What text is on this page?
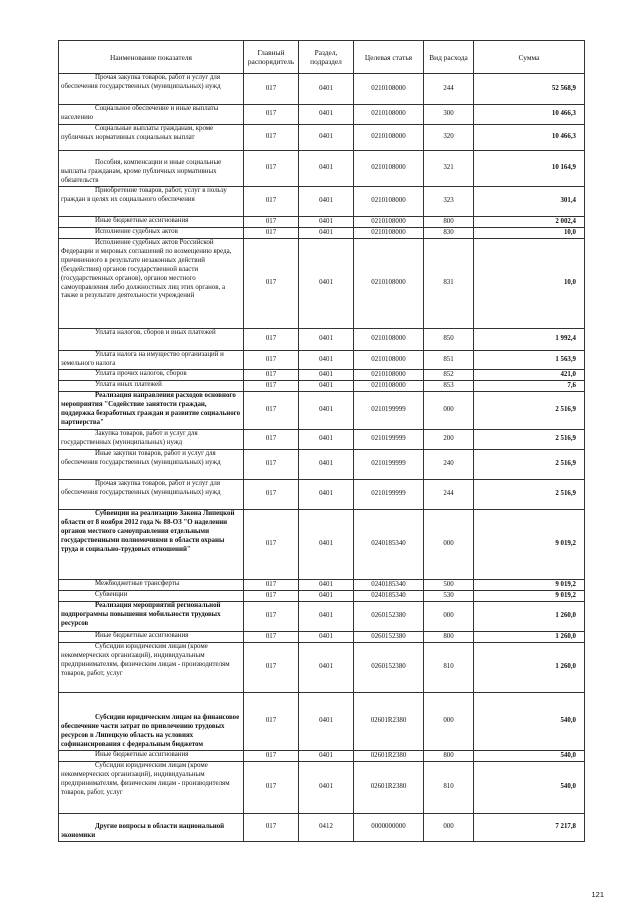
Наименование показателя	Главный распорядитель	Раздел, подраздел	Целевая статья	Вид расхода	Сумма
Прочая закупка товаров, работ и услуг для обеспечения государственных (муниципальных) нужд	017	0401	0210108000	244	52 568,9
Социальное обеспечение и иные выплаты населению	017	0401	0210108000	300	10 466,3
Социальные выплаты гражданам, кроме публичных нормативных социальных выплат	017	0401	0210108000	320	10 466,3
Пособия, компенсации и иные социальные выплаты гражданам, кроме публичных нормативных обязательств	017	0401	0210108000	321	10 164,9
Приобретение товаров, работ, услуг в пользу граждан в целях их социального обеспечения	017	0401	0210108000	323	301,4
Иные бюджетные ассигнования	017	0401	0210108000	800	2 002,4
Исполнение судебных актов	017	0401	0210108000	830	10,0
Исполнение судебных актов Российской Федерации и мировых соглашений по возмещению вреда, причиненного в результате незаконных действий (бездействия) органов государственной власти (государственных органов), органов местного самоуправления либо должностных лиц этих органов, а также в результате деятельности учреждений	017	0401	0210108000	831	10,0
Уплата налогов, сборов и иных платежей	017	0401	0210108000	850	1 992,4
Уплата налога на имущество организаций и земельного налога	017	0401	0210108000	851	1 563,9
Уплата прочих налогов, сборов	017	0401	0210108000	852	421,0
Уплата иных платежей	017	0401	0210108000	853	7,6
Реализация направления расходов основного мероприятия "Содействие занятости граждан, поддержка безработных граждан и развитие социального партнерства"	017	0401	0210199999	000	2 516,9
Закупка товаров, работ и услуг для государственных (муниципальных) нужд	017	0401	0210199999	200	2 516,9
Иные закупки товаров, работ и услуг для обеспечения государственных (муниципальных) нужд	017	0401	0210199999	240	2 516,9
Прочая закупка товаров, работ и услуг для обеспечения государственных (муниципальных) нужд	017	0401	0210199999	244	2 516,9
Субвенции на реализацию Закона Липецкой области от 8 ноября 2012 года № 88-ОЗ "О наделении органов местного самоуправления отдельными государственными полномочиями в области охраны труда и социально-трудовых отношений"	017	0401	0240185340	000	9 019,2
Межбюджетные трансферты	017	0401	0240185340	500	9 019,2
Субвенции	017	0401	0240185340	530	9 019,2
Реализация мероприятий региональной подпрограммы повышения мобильности трудовых ресурсов	017	0401	0260152380	000	1 260,0
Иные бюджетные ассигнования	017	0401	0260152380	800	1 260,0
Субсидии юридическим лицам (кроме некоммерческих организаций), индивидуальным предпринимателям, физическим лицам - производителям товаров, работ, услуг	017	0401	0260152380	810	1 260,0
Субсидии юридическим лицам на финансовое обеспечение части затрат по привлечению трудовых ресурсов в Липецкую область на условиях софинансирования с федеральным бюджетом	017	0401	02601R2380	000	540,0
Иные бюджетные ассигнования	017	0401	02601R2380	800	540,0
Субсидии юридическим лицам (кроме некоммерческих организаций), индивидуальным предпринимателям, физическим лицам - производителям товаров, работ, услуг	017	0401	02601R2380	810	540,0
Другие вопросы в области национальной экономики	017	0412	0000000000	000	7 217,8
121
